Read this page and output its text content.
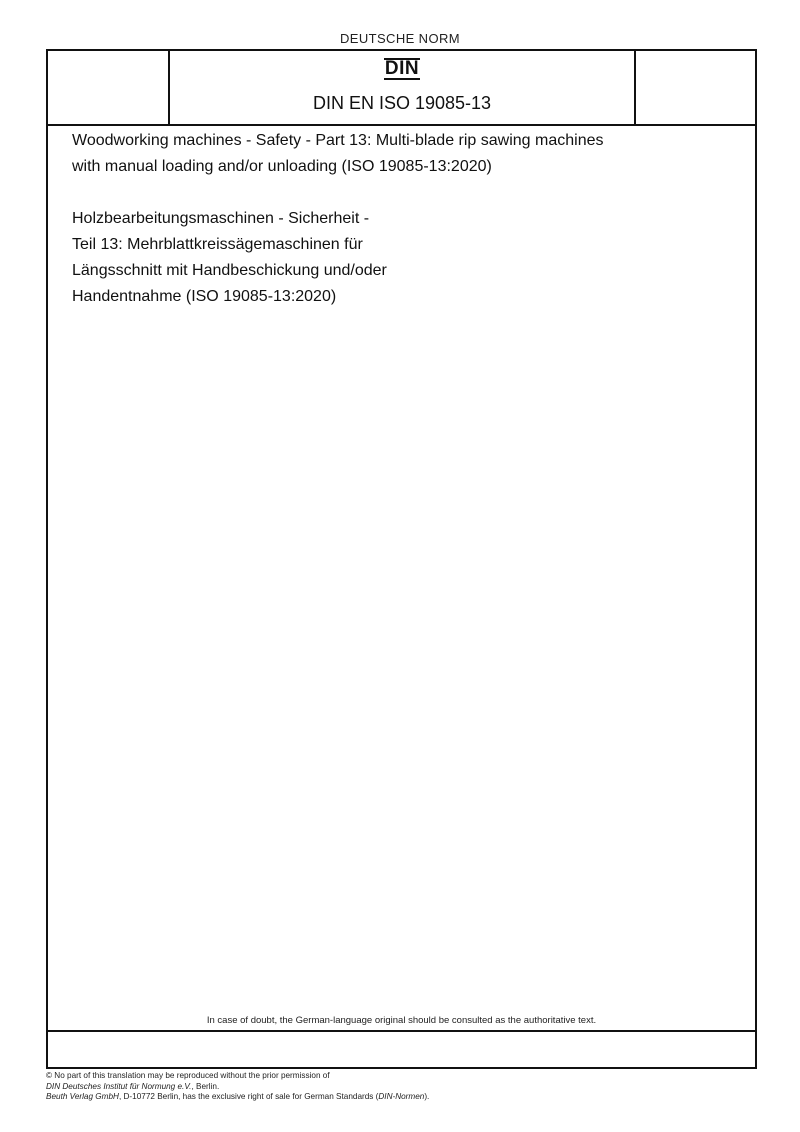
DEUTSCHE NORM
DIN
DIN EN ISO 19085-13
In case of doubt, the German-language original should be consulted as the authoritative text.

Woodworking machines - Safety - Part 13: Multi-blade rip sawing machines
with manual loading and/or unloading (ISO 19085-13:2020)

Holzbearbeitungsmaschinen - Sicherheit -
Teil 13: Mehrblattkreissägemaschinen für
Längsschnitt mit Handbeschickung und/oder
Handentnahme (ISO 19085-13:2020)

© No part of this translation may be reproduced without the prior permission of
DIN Deutsches Institut für Normung e.V., Berlin.
Beuth Verlag GmbH, D-10772 Berlin, has the exclusive right of sale for German Standards (DIN-Normen).
